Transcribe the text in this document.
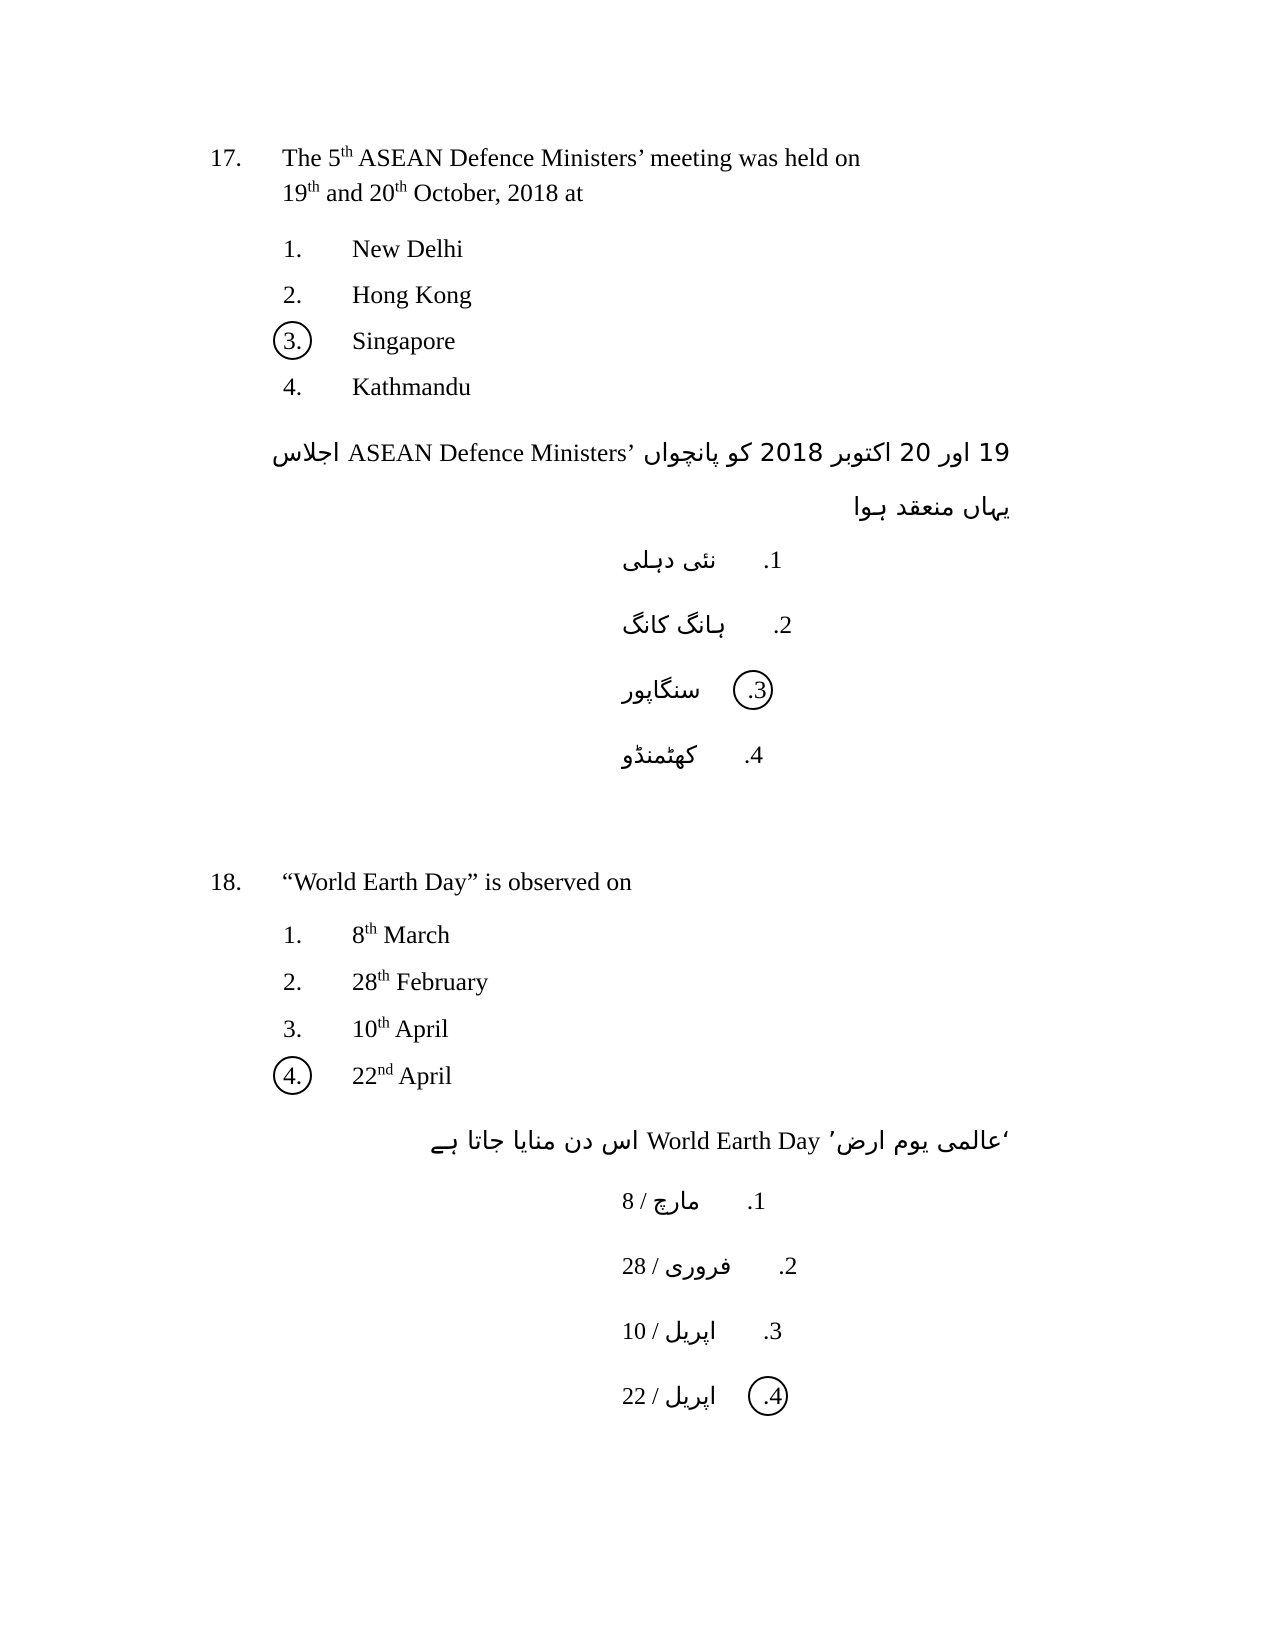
17.	The 5th ASEAN Defence Ministers’ meeting was held on
19th and 20th October, 2018 at
1. New Delhi
2. Hong Kong
3. Singapore
4. Kathmandu
19 اور 20 اکتوبر 2018 کو پانچواں ASEAN Defence Ministers’ اجلاس
یہاں منعقد ہوا
.1
نئی دہلی
.2
ہانگ کانگ
.3
سنگاپور
.4
کھٹمنڈو
18.	“World Earth Day” is observed on
1. 8th March
2. 28th February
3. 10th April
4. 22nd April
‘عالمی یوم ارض’ World Earth Day اس دن منایا جاتا ہے
.1
مارچ / 8
.2
فروری / 28
.3
اپریل / 10
.4
اپریل / 22
